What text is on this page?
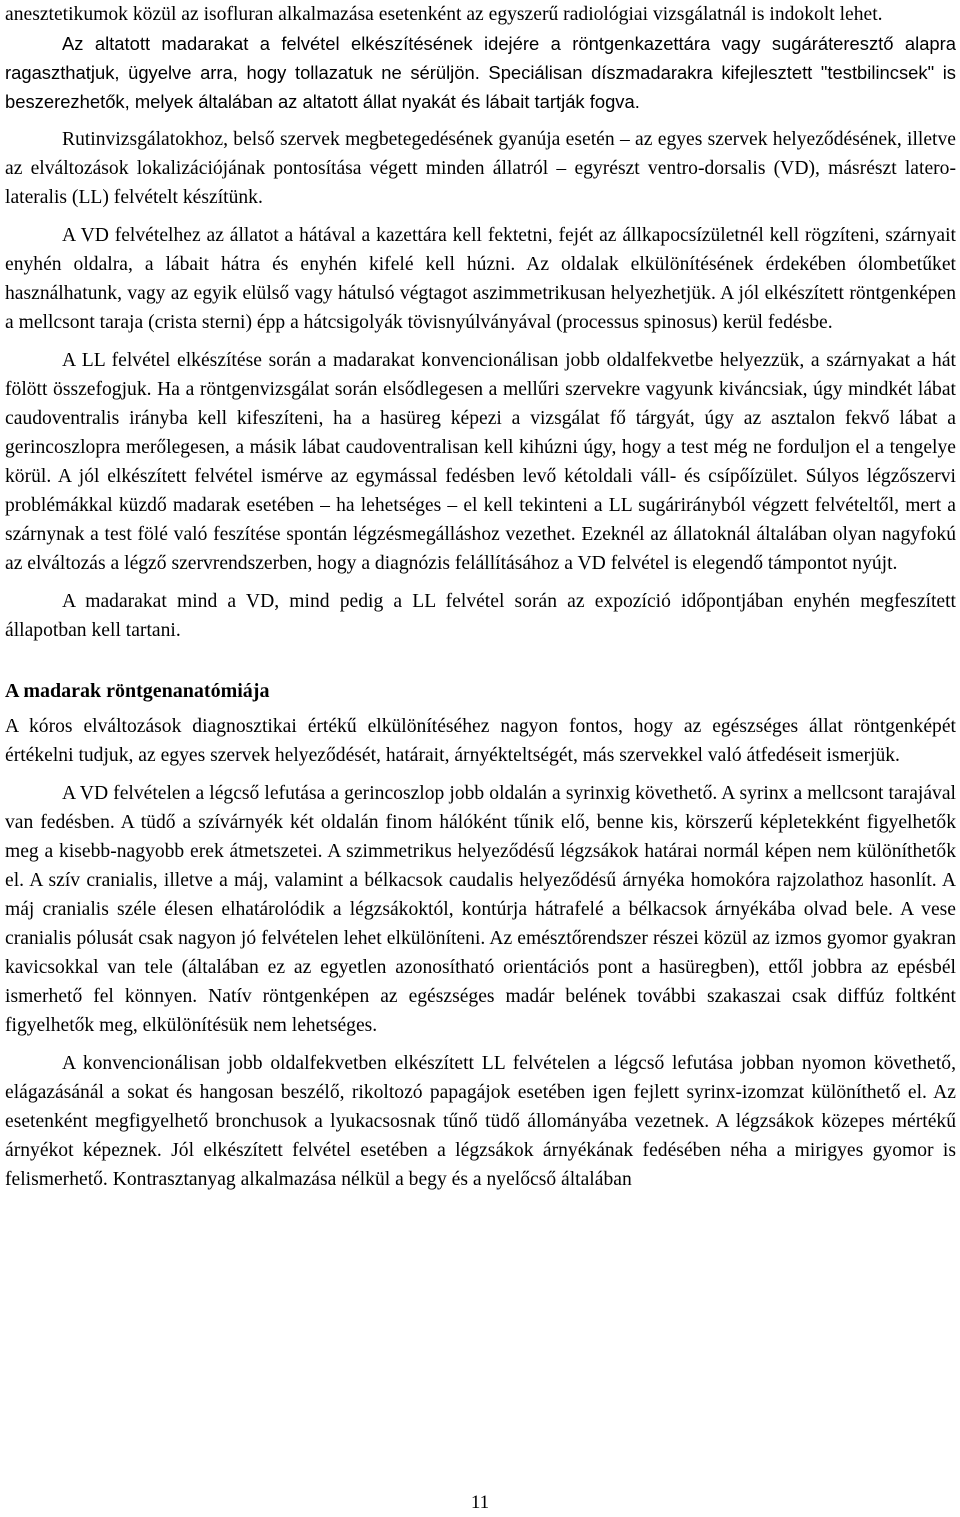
anesztetikumok közül az isofluran alkalmazása esetenként az egyszerű radiológiai vizsgálatnál is indokolt lehet.

Az altatott madarakat a felvétel elkészítésének idejére a röntgenkazettára vagy sugáráteresztő alapra ragaszthatjuk, ügyelve arra, hogy tollazatuk ne sérüljön. Speciálisan díszmadarakra kifejlesztett "testbilincsek" is beszerezhetők, melyek általában az altatott állat nyakát és lábait tartják fogva.

Rutinvizsgálatokhoz, belső szervek megbetegedésének gyanúja esetén – az egyes szervek helyeződésének, illetve az elváltozások lokalizációjának pontosítása végett minden állatról – egyrészt ventro-dorsalis (VD), másrészt latero-lateralis (LL) felvételt készítünk.

A VD felvételhez az állatot a hátával a kazettára kell fektetni, fejét az állkapocsízületnél kell rögzíteni, szárnyait enyhén oldalra, a lábait hátra és enyhén kifelé kell húzni. Az oldalak elkülönítésének érdekében ólombetűket használhatunk, vagy az egyik elülső vagy hátulsó végtagot aszimmetrikusan helyezhetjük. A jól elkészített röntgenképen a mellcsont taraja (crista sterni) épp a hátcsigolyák tövisnyúlványával (processus spinosus) kerül fedésbe.

A LL felvétel elkészítése során a madarakat konvencionálisan jobb oldalfekvetbe helyezzük, a szárnyakat a hát fölött összefogjuk. Ha a röntgenvizsgálat során elsődlegesen a mellűri szervekre vagyunk kiváncsiak, úgy mindkét lábat caudoventralis irányba kell kifeszíteni, ha a hasüreg képezi a vizsgálat fő tárgyát, úgy az asztalon fekvő lábat a gerincoszlopra merőlegesen, a másik lábat caudoventralisan kell kihúzni úgy, hogy a test még ne forduljon el a tengelye körül. A jól elkészített felvétel ismérve az egymással fedésben levő kétoldali váll- és csípőízület. Súlyos légzőszervi problémákkal küzdő madarak esetében – ha lehetséges – el kell tekinteni a LL sugárirányból végzett felvételtől, mert a szárnynak a test fölé való feszítése spontán légzésmegálláshoz vezethet. Ezeknél az állatoknál általában olyan nagyfokú az elváltozás a légző szervrendszerben, hogy a diagnózis felállításához a VD felvétel is elegendő támpontot nyújt.

A madarakat mind a VD, mind pedig a LL felvétel során az expozíció időpontjában enyhén megfeszített állapotban kell tartani.

A madarak röntgenanatómiája

A kóros elváltozások diagnosztikai értékű elkülönítéséhez nagyon fontos, hogy az egészséges állat röntgenképét értékelni tudjuk, az egyes szervek helyeződését, határait, árnyékteltségét, más szervekkel való átfedéseit ismerjük.

A VD felvételen a légcső lefutása a gerincoszlop jobb oldalán a syrinxig követhető. A syrinx a mellcsont tarajával van fedésben. A tüdő a szívárnyék két oldalán finom hálóként tűnik elő, benne kis, körszerű képletekként figyelhetők meg a kisebb-nagyobb erek átmetszetei. A szimmetrikus helyeződésű légzsákok határai normál képen nem különíthetők el. A szív cranialis, illetve a máj, valamint a bélkacsok caudalis helyeződésű árnyéka homokóra rajzolathoz hasonlít. A máj cranialis széle élesen elhatárolódik a légzsákoktól, kontúrja hátrafelé a bélkacsok árnyékába olvad bele. A vese cranialis pólusát csak nagyon jó felvételen lehet elkülöníteni. Az emésztőrendszer részei közül az izmos gyomor gyakran kavicsokkal van tele (általában ez az egyetlen azonosítható orientációs pont a hasüregben), ettől jobbra az epésbél ismerhető fel könnyen. Natív röntgenképen az egészséges madár belének további szakaszai csak diffúz foltként figyelhetők meg, elkülönítésük nem lehetséges.

A konvencionálisan jobb oldalfekvetben elkészített LL felvételen a légcső lefutása jobban nyomon követhető, elágazásánál a sokat és hangosan beszélő, rikoltozó papagájok esetében igen fejlett syrinx-izomzat különíthető el. Az esetenként megfigyelhető bronchusok a lyukacsosnak tűnő tüdő állományába vezetnek. A légzsákok közepes mértékű árnyékot képeznek. Jól elkészített felvétel esetében a légzsákok árnyékának fedésében néha a mirigyes gyomor is felismerhető. Kontrasztanyag alkalmazása nélkül a begy és a nyelőcső általában

11
